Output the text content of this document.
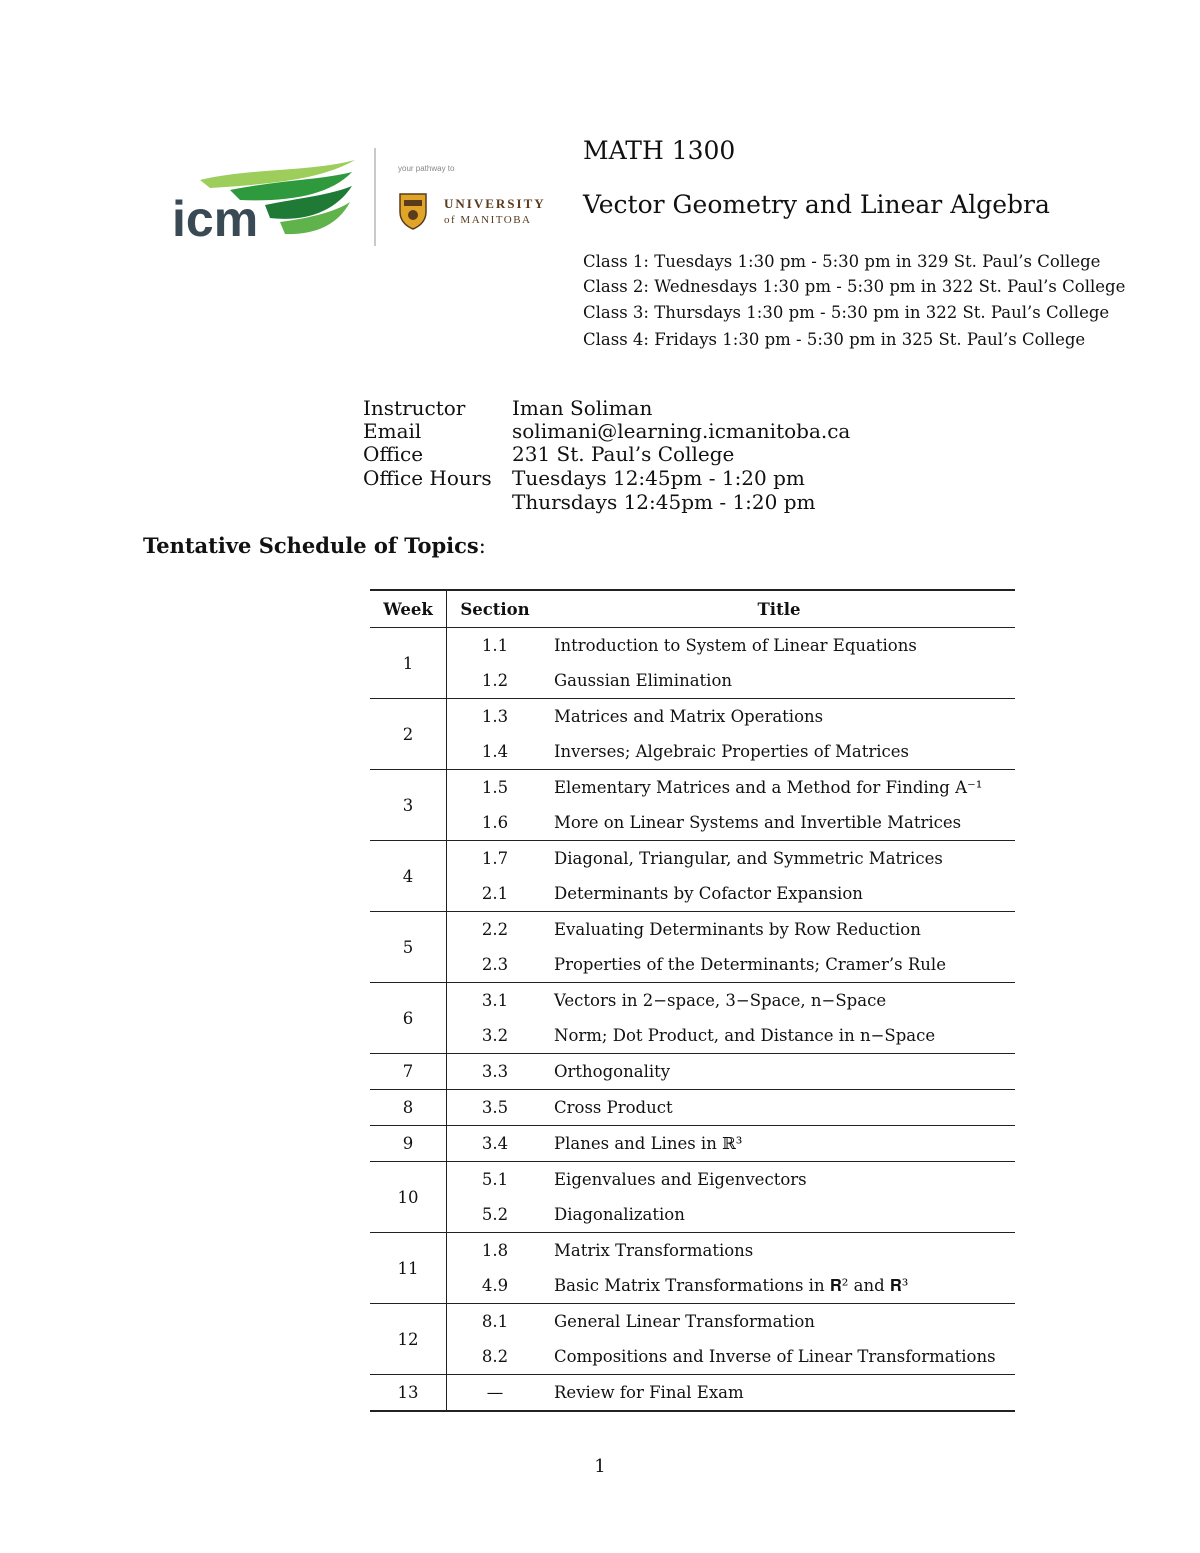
icm
your pathway to
UNIVERSITY
of MANITOBA
MATH 1300
Vector Geometry and Linear Algebra
Class 1: Tuesdays 1:30 pm - 5:30 pm in 329 St. Paul’s College
Class 2: Wednesdays 1:30 pm - 5:30 pm in 322 St. Paul’s College
Class 3: Thursdays 1:30 pm - 5:30 pm in 322 St. Paul’s College
Class 4: Fridays 1:30 pm - 5:30 pm in 325 St. Paul’s College
Instructor Iman Soliman
Email	solimani@learning.icmanitoba.ca
Office	231 St. Paul’s College
Office Hours Tuesdays 12:45pm - 1:20 pm
Thursdays 12:45pm - 1:20 pm
Tentative Schedule of Topics:
Week	Section	Title
1	1.1	Introduction to System of Linear Equations
	1.2	Gaussian Elimination
2	1.3	Matrices and Matrix Operations
	1.4	Inverses; Algebraic Properties of Matrices
3	1.5	Elementary Matrices and a Method for Finding A⁻¹
	1.6	More on Linear Systems and Invertible Matrices
4	1.7	Diagonal, Triangular, and Symmetric Matrices
	2.1	Determinants by Cofactor Expansion
5	2.2	Evaluating Determinants by Row Reduction
	2.3	Properties of the Determinants; Cramer’s Rule
6	3.1	Vectors in 2−space, 3−Space, n−Space
	3.2	Norm; Dot Product, and Distance in n−Space
7	3.3	Orthogonality
8	3.5	Cross Product
9	3.4	Planes and Lines in ℝ³
10	5.1	Eigenvalues and Eigenvectors
	5.2	Diagonalization
11	1.8	Matrix Transformations
	4.9	Basic Matrix Transformations in 𝐑² and 𝐑³
12	8.1	General Linear Transformation
	8.2	Compositions and Inverse of Linear Transformations
13	—	Review for Final Exam
1
